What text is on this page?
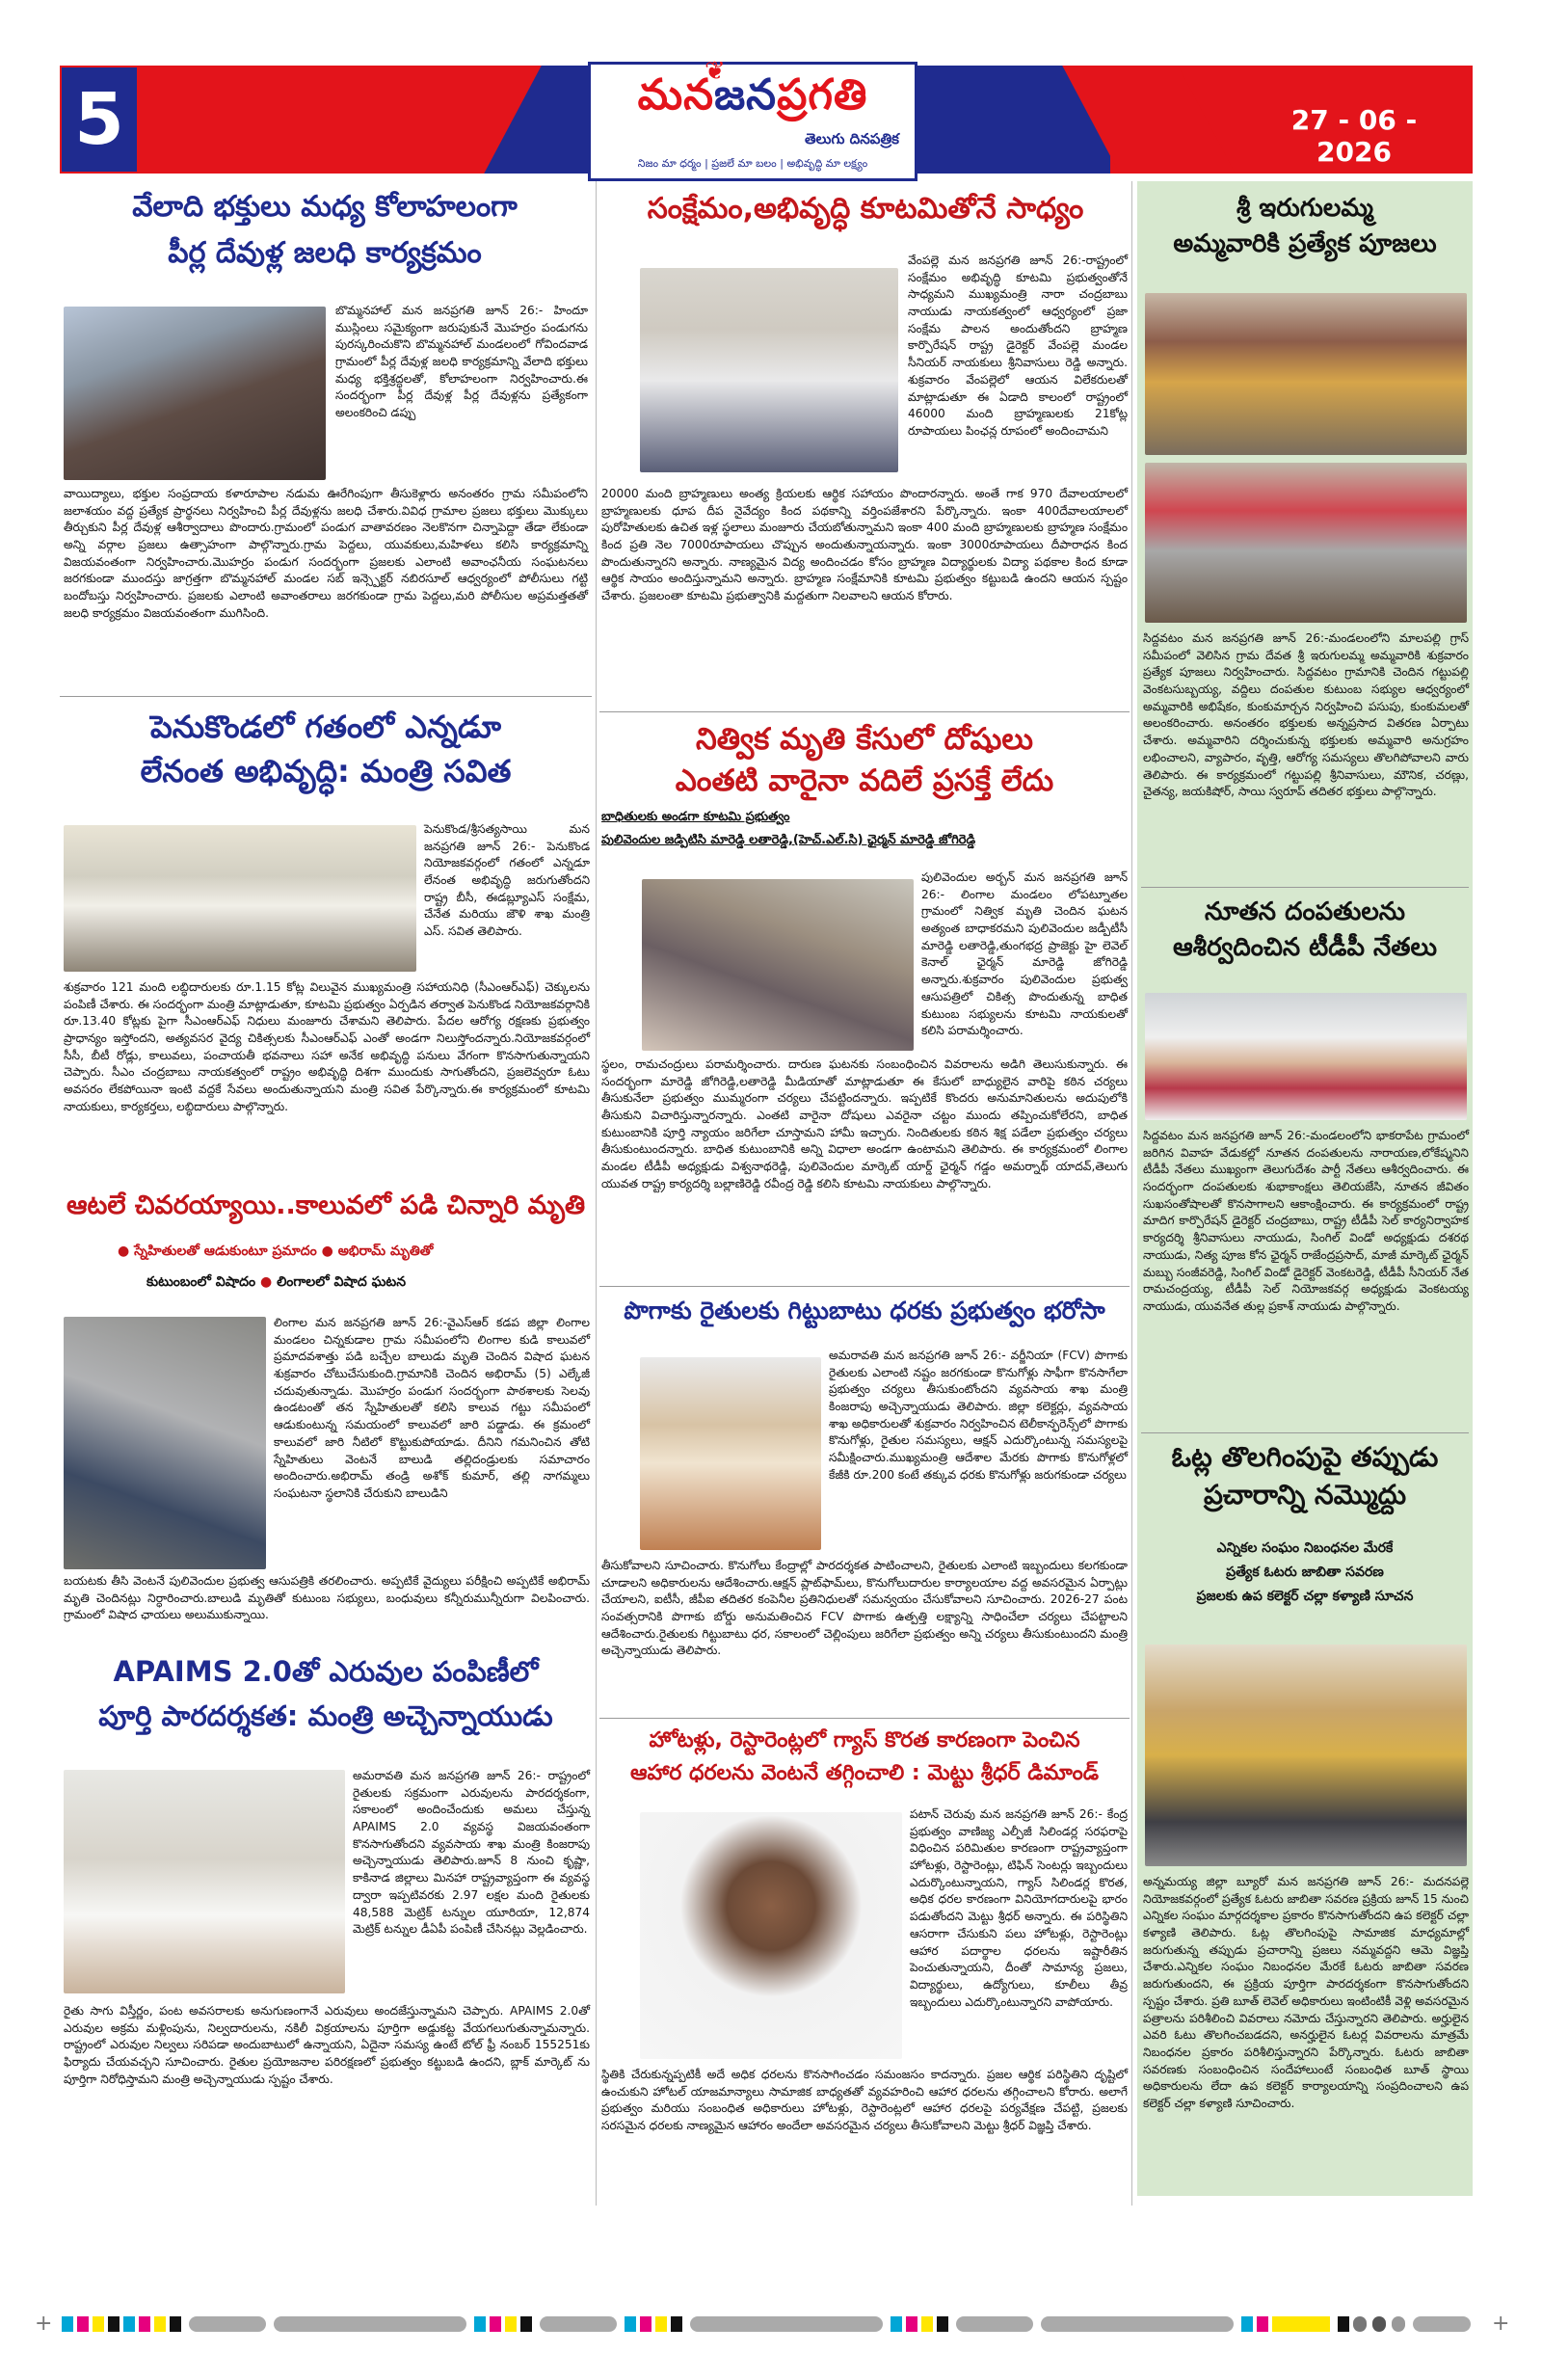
5
❦
మనజనప్రగతి
తెలుగు దినపత్రిక
నిజం మా ధర్మం | ప్రజలే మా బలం | అభివృద్ధి మా లక్ష్యం
27 - 06 - 2026
వేలాది భక్తులు మధ్య కోలాహలంగా
పీర్ల దేవుళ్ల జలధి కార్యక్రమం
బొమ్మనహాల్ మన జనప్రగతి జూన్ 26:- హిందూ ముస్లింలు సమైక్యంగా జరుపుకునే మొహర్రం పండుగను పురస్కరించుకొని బొమ్మనహాల్ మండలంలో గోవిందవాడ గ్రామంలో పీర్ల దేవుళ్ల జలధి కార్యక్రమాన్ని వేలాది భక్తులు మధ్య భక్తిశ్రద్ధలతో, కోలాహలంగా నిర్వహించారు.ఈ సందర్భంగా పీర్ల దేవుళ్ల పీర్ల దేవుళ్లను ప్రత్యేకంగా అలంకరించి డప్పు
వాయిద్యాలు, భక్తుల సంప్రదాయ కళారూపాల నడుమ ఊరేగింపుగా తీసుకెళ్లారు అనంతరం గ్రామ సమీపంలోని జలాశయం వద్ద ప్రత్యేక ప్రార్థనలు నిర్వహించి పీర్ల దేవుళ్లను జలధి చేశారు.వివిధ గ్రామాల ప్రజలు భక్తులు మొక్కులు తీర్చుకుని పీర్ల దేవుళ్ల ఆశీర్వాదాలు పొందారు.గ్రామంలో పండుగ వాతావరణం నెలకొనగా చిన్నాపెద్దా తేడా లేకుండా అన్ని వర్గాల ప్రజలు ఉత్సాహంగా పాల్గొన్నారు.గ్రామ పెద్దలు, యువకులు,మహిళలు కలిసి కార్యక్రమాన్ని విజయవంతంగా నిర్వహించారు.మొహర్రం పండుగ సందర్భంగా ప్రజలకు ఎలాంటి అవాంఛనీయ సంఘటనలు జరగకుండా ముందస్తు జాగ్రత్తగా బొమ్మనహాల్ మండల సబ్ ఇన్స్పెక్టర్ నబిరసూల్ ఆధ్వర్యంలో పోలీసులు గట్టి బందోబస్తు నిర్వహించారు. ప్రజలకు ఎలాంటి అవాంతరాలు జరగకుండా గ్రామ పెద్దలు,మరి పోలీసుల అప్రమత్తతతో జలధి కార్యక్రమం విజయవంతంగా ముగిసింది.
పెనుకొండలో గతంలో ఎన్నడూ
లేనంత అభివృద్ధి: మంత్రి సవిత
పెనుకొండ/శ్రీసత్యసాయి మన జనప్రగతి జూన్ 26:- పెనుకొండ నియోజకవర్గంలో గతంలో ఎన్నడూ లేనంత అభివృద్ధి జరుగుతోందని రాష్ట్ర బీసీ, ఈడబ్ల్యూఎస్ సంక్షేమ, చేనేత మరియు జౌళి శాఖ మంత్రి ఎస్. సవిత తెలిపారు.
శుక్రవారం 121 మంది లబ్ధిదారులకు రూ.1.15 కోట్ల విలువైన ముఖ్యమంత్రి సహాయనిధి (సీఎంఆర్ఎఫ్) చెక్కులను పంపిణీ చేశారు. ఈ సందర్భంగా మంత్రి మాట్లాడుతూ, కూటమి ప్రభుత్వం ఏర్పడిన తర్వాత పెనుకొండ నియోజకవర్గానికి రూ.13.40 కోట్లకు పైగా సీఎంఆర్ఎఫ్ నిధులు మంజూరు చేశామని తెలిపారు. పేదల ఆరోగ్య రక్షణకు ప్రభుత్వం ప్రాధాన్యం ఇస్తోందని, అత్యవసర వైద్య చికిత్సలకు సీఎంఆర్ఎఫ్ ఎంతో అండగా నిలుస్తోందన్నారు.నియోజకవర్గంలో సీసీ, బీటీ రోడ్లు, కాలువలు, పంచాయతీ భవనాలు సహా అనేక అభివృద్ధి పనులు వేగంగా కొనసాగుతున్నాయని చెప్పారు. సీఎం చంద్రబాబు నాయకత్వంలో రాష్ట్రం అభివృద్ధి దిశగా ముందుకు సాగుతోందని, ప్రజలెవ్వరూ ఓటు అవసరం లేకపోయినా ఇంటి వద్దకే సేవలు అందుతున్నాయని మంత్రి సవిత పేర్కొన్నారు.ఈ కార్యక్రమంలో కూటమి నాయకులు, కార్యకర్తలు, లబ్ధిదారులు పాల్గొన్నారు.
ఆటలే చివరయ్యాయి..కాలువలో పడి చిన్నారి మృతి
● స్నేహితులతో ఆడుకుంటూ ప్రమాదం ● అభిరామ్ మృతితో
కుటుంబంలో విషాదం ● లింగాలలో విషాద ఘటన
లింగాల మన జనప్రగతి జూన్ 26:-వైఎస్ఆర్ కడప జిల్లా లింగాల మండలం చిన్నకుడాల గ్రామ సమీపంలోని లింగాల కుడి కాలువలో ప్రమాదవశాత్తు పడి బచ్చేల బాలుడు మృతి చెందిన విషాద ఘటన శుక్రవారం చోటుచేసుకుంది.గ్రామానికి చెందిన అభిరామ్ (5) ఎల్కేజీ చదువుతున్నాడు. మొహర్రం పండుగ సందర్భంగా పాఠశాలకు సెలవు ఉండటంతో తన స్నేహితులతో కలిసి కాలువ గట్టు సమీపంలో ఆడుకుంటున్న సమయంలో కాలువలో జారి పడ్డాడు. ఈ క్రమంలో కాలువలో జారి నీటిలో కొట్టుకుపోయాడు. దీనిని గమనించిన తోటి స్నేహితులు వెంటనే బాలుడి తల్లిదండ్రులకు సమాచారం అందించారు.అభిరామ్ తండ్రి అశోక్ కుమార్, తల్లి నాగమ్మలు సంఘటనా స్థలానికి చేరుకుని బాలుడిని
బయటకు తీసి వెంటనే పులివెందుల ప్రభుత్వ ఆసుపత్రికి తరలించారు. అప్పటికే వైద్యులు పరీక్షించి అప్పటికే అభిరామ్ మృతి చెందినట్లు నిర్ధారించారు.బాలుడి మృతితో కుటుంబ సభ్యులు, బంధువులు కన్నీరుమున్నీరుగా విలపించారు. గ్రామంలో విషాద ఛాయలు అలుముకున్నాయి.
APAIMS 2.0తో ఎరువుల పంపిణీలో
పూర్తి పారదర్శకత: మంత్రి అచ్చెన్నాయుడు
అమరావతి మన జనప్రగతి జూన్ 26:- రాష్ట్రంలో రైతులకు సక్రమంగా ఎరువులను పారదర్శకంగా, సకాలంలో అందించేందుకు అమలు చేస్తున్న APAIMS 2.0 వ్యవస్థ విజయవంతంగా కొనసాగుతోందని వ్యవసాయ శాఖ మంత్రి కింజరాపు అచ్చెన్నాయుడు తెలిపారు.జూన్ 8 నుంచి కృష్ణా, కాకినాడ జిల్లాలు మినహా రాష్ట్రవ్యాప్తంగా ఈ వ్యవస్థ ద్వారా ఇప్పటివరకు 2.97 లక్షల మంది రైతులకు 48,588 మెట్రిక్ టన్నుల యూరియా, 12,874 మెట్రిక్ టన్నుల డీఏపీ పంపిణీ చేసినట్లు వెల్లడించారు.
రైతు సాగు విస్తీర్ణం, పంట అవసరాలకు అనుగుణంగానే ఎరువులు అందజేస్తున్నామని చెప్పారు. APAIMS 2.0తో ఎరువుల అక్రమ మళ్లింపును, నిల్వదారులను, నకిలీ విక్రయాలను పూర్తిగా అడ్డుకట్ట వేయగలుగుతున్నామన్నారు. రాష్ట్రంలో ఎరువుల నిల్వలు సరిపడా అందుబాటులో ఉన్నాయని, ఏదైనా సమస్య ఉంటే టోల్ ఫ్రీ నంబర్ 155251కు ఫిర్యాదు చేయవచ్చని సూచించారు. రైతుల ప్రయోజనాల పరిరక్షణలో ప్రభుత్వం కట్టుబడి ఉందని, బ్లాక్ మార్కెట్ ను పూర్తిగా నిరోధిస్తామని మంత్రి అచ్చెన్నాయుడు స్పష్టం చేశారు.
సంక్షేమం,అభివృద్ధి కూటమితోనే సాధ్యం
వేంపల్లె మన జనప్రగతి జూన్ 26:-రాష్ట్రంలో సంక్షేమం అభివృద్ధి కూటమి ప్రభుత్వంతోనే సాధ్యమని ముఖ్యమంత్రి నారా చంద్రబాబు నాయుడు నాయకత్వంలో ఆధ్వర్యంలో ప్రజా సంక్షేమ పాలన అందుతోందని బ్రాహ్మణ కార్పొరేషన్ రాష్ట్ర డైరెక్టర్ వేంపల్లె మండల సీనియర్ నాయకులు శ్రీనివాసులు రెడ్డి అన్నారు. శుక్రవారం వేంపల్లెలో ఆయన విలేకరులతో మాట్లాడుతూ ఈ ఏడాది కాలంలో రాష్ట్రంలో 46000 మంది బ్రాహ్మణులకు 21కోట్ల రూపాయలు పింఛన్ల రూపంలో అందించామని
20000 మంది బ్రాహ్మణులు అంత్య క్రియలకు ఆర్థిక సహాయం పొందారన్నారు. అంతే గాక 970 దేవాలయాలలో బ్రాహ్మణులకు ధూప దీప నైవేద్యం కింద పథకాన్ని వర్తింపజేశారని పేర్కొన్నారు. ఇంకా 400దేవాలయాలలో పురోహితులకు ఉచిత ఇళ్ల స్థలాలు మంజూరు చేయబోతున్నామని ఇంకా 400 మంది బ్రాహ్మణులకు బ్రాహ్మణ సంక్షేమం కింద ప్రతి నెల 7000రూపాయలు చొప్పున అందుతున్నాయన్నారు. ఇంకా 3000రూపాయలు దీపారాధన కింద పొందుతున్నారని అన్నారు. నాణ్యమైన విద్య అందించడం కోసం బ్రాహ్మణ విద్యార్థులకు విద్యా పథకాల కింద కూడా ఆర్థిక సాయం అందిస్తున్నామని అన్నారు. బ్రాహ్మణ సంక్షేమానికి కూటమి ప్రభుత్వం కట్టుబడి ఉందని ఆయన స్పష్టం చేశారు. ప్రజలంతా కూటమి ప్రభుత్వానికి మద్దతుగా నిలవాలని ఆయన కోరారు.
నిత్విక మృతి కేసులో దోషులు
ఎంతటి వారైనా వదిలే ప్రసక్తే లేదు
బాధితులకు అండగా కూటమి ప్రభుత్వం
పులివెందుల జడ్పిటిసి మారెడ్డి లతారెడ్డి,(హెచ్.ఎల్.సి) ఛైర్మన్ మారెడ్డి జోగిరెడ్డి
పులివెందుల అర్బన్ మన జనప్రగతి జూన్ 26:- లింగాల మండలం లోపట్నూతల గ్రామంలో నిత్విక మృతి చెందిన ఘటన అత్యంత బాధాకరమని పులివెందుల జడ్పీటీసీ మారెడ్డి లతారెడ్డి,తుంగభద్ర ప్రాజెక్టు హై లెవెల్ కెనాల్ ఛైర్మన్ మారెడ్డి జోగిరెడ్డి అన్నారు.శుక్రవారం పులివెందుల ప్రభుత్వ ఆసుపత్రిలో చికిత్స పొందుతున్న బాధిత కుటుంబ సభ్యులను కూటమి నాయకులతో కలిసి పరామర్శించారు.
స్థలం, రామచంద్రులు పరామర్శించారు. దారుణ ఘటనకు సంబంధించిన వివరాలను అడిగి తెలుసుకున్నారు. ఈ సందర్భంగా మారెడ్డి జోగిరెడ్డి,లతారెడ్డి మీడియాతో మాట్లాడుతూ ఈ కేసులో బాధ్యులైన వారిపై కఠిన చర్యలు తీసుకునేలా ప్రభుత్వం ముమ్మరంగా చర్యలు చేపట్టిందన్నారు. ఇప్పటికే కొందరు అనుమానితులను అదుపులోకి తీసుకుని విచారిస్తున్నారన్నారు. ఎంతటి వారైనా దోషులు ఎవరైనా చట్టం ముందు తప్పించుకోలేరని, బాధిత కుటుంబానికి పూర్తి న్యాయం జరిగేలా చూస్తామని హామీ ఇచ్చారు. నిందితులకు కఠిన శిక్ష పడేలా ప్రభుత్వం చర్యలు తీసుకుంటుందన్నారు. బాధిత కుటుంబానికి అన్ని విధాలా అండగా ఉంటామని తెలిపారు. ఈ కార్యక్రమంలో లింగాల మండల టీడీపీ అధ్యక్షుడు విశ్వనాథరెడ్డి, పులివెందుల మార్కెట్ యార్డ్ ఛైర్మన్ గడ్డం అమర్నాథ్ యాదవ్,తెలుగు యువత రాష్ట్ర కార్యదర్శి బల్లాణిరెడ్డి రవీంద్ర రెడ్డి కలిసి కూటమి నాయకులు పాల్గొన్నారు.
పొగాకు రైతులకు గిట్టుబాటు ధరకు ప్రభుత్వం భరోసా
అమరావతి మన జనప్రగతి జూన్ 26:- వర్జీనియా (FCV) పొగాకు రైతులకు ఎలాంటి నష్టం జరగకుండా కొనుగోళ్లు సాఫీగా కొనసాగేలా ప్రభుత్వం చర్యలు తీసుకుంటోందని వ్యవసాయ శాఖ మంత్రి కింజరాపు అచ్చెన్నాయుడు తెలిపారు. జిల్లా కలెక్టర్లు, వ్యవసాయ శాఖ అధికారులతో శుక్రవారం నిర్వహించిన టెలీకాన్ఫరెన్స్‌లో పొగాకు కొనుగోళ్లు, రైతుల సమస్యలు, ఆక్షన్ ఎదుర్కొంటున్న సమస్యలపై సమీక్షించారు.ముఖ్యమంత్రి ఆదేశాల మేరకు పొగాకు కొనుగోళ్లలో కేజీకి రూ.200 కంటే తక్కువ ధరకు కొనుగోళ్లు జరుగకుండా చర్యలు
తీసుకోవాలని సూచించారు. కొనుగోలు కేంద్రాల్లో పారదర్శకత పాటించాలని, రైతులకు ఎలాంటి ఇబ్బందులు కలగకుండా చూడాలని అధికారులను ఆదేశించారు.ఆక్షన్ ప్లాట్‌ఫామ్‌లు, కొనుగోలుదారుల కార్యాలయాల వద్ద అవసరమైన ఏర్పాట్లు చేయాలని, ఐటీసీ, జీపీఐ తదితర కంపెనీల ప్రతినిధులతో సమన్వయం చేసుకోవాలని సూచించారు. 2026-27 పంట సంవత్సరానికి పొగాకు బోర్డు అనుమతించిన FCV పొగాకు ఉత్పత్తి లక్ష్యాన్ని సాధించేలా చర్యలు చేపట్టాలని ఆదేశించారు.రైతులకు గిట్టుబాటు ధర, సకాలంలో చెల్లింపులు జరిగేలా ప్రభుత్వం అన్ని చర్యలు తీసుకుంటుందని మంత్రి అచ్చెన్నాయుడు తెలిపారు.
హోటళ్లు, రెస్టారెంట్లలో గ్యాస్ కొరత కారణంగా పెంచిన
ఆహార ధరలను వెంటనే తగ్గించాలి : మెట్టు శ్రీధర్ డిమాండ్
పటాన్ చెరువు మన జనప్రగతి జూన్ 26:- కేంద్ర ప్రభుత్వం వాణిజ్య ఎల్పీజీ సిలిండర్ల సరఫరాపై విధించిన పరిమితుల కారణంగా రాష్ట్రవ్యాప్తంగా హోటళ్లు, రెస్టారెంట్లు, టిఫిన్ సెంటర్లు ఇబ్బందులు ఎదుర్కొంటున్నాయని, గ్యాస్ సిలిండర్ల కొరత, అధిక ధరల కారణంగా వినియోగదారులపై భారం పడుతోందని మెట్టు శ్రీధర్ అన్నారు. ఈ పరిస్థితిని ఆసరాగా చేసుకుని పలు హోటళ్లు, రెస్టారెంట్లు ఆహార పదార్థాల ధరలను ఇష్టారీతిన పెంచుతున్నాయని, దీంతో సామాన్య ప్రజలు, విద్యార్థులు, ఉద్యోగులు, కూలీలు తీవ్ర ఇబ్బందులు ఎదుర్కొంటున్నారని వాపోయారు.
స్థితికి చేరుకున్నప్పటికీ అదే అధిక ధరలను కొనసాగించడం సమంజసం కాదన్నారు. ప్రజల ఆర్థిక పరిస్థితిని దృష్టిలో ఉంచుకుని హోటల్ యాజమాన్యాలు సామాజిక బాధ్యతతో వ్యవహరించి ఆహార ధరలను తగ్గించాలని కోరారు. అలాగే ప్రభుత్వం మరియు సంబంధిత అధికారులు హోటళ్లు, రెస్టారెంట్లలో ఆహార ధరలపై పర్యవేక్షణ చేపట్టి, ప్రజలకు సరసమైన ధరలకు నాణ్యమైన ఆహారం అందేలా అవసరమైన చర్యలు తీసుకోవాలని మెట్టు శ్రీధర్ విజ్ఞప్తి చేశారు.
శ్రీ ఇరుగులమ్మ
అమ్మవారికి ప్రత్యేక పూజలు
సిద్దవటం మన జనప్రగతి జూన్ 26:-మండలంలోని మాలపల్లి గ్రాస్ సమీపంలో వెలిసిన గ్రామ దేవత శ్రీ ఇరుగులమ్మ అమ్మవారికి శుక్రవారం ప్రత్యేక పూజలు నిర్వహించారు. సిద్దవటం గ్రామానికి చెందిన గట్టుపల్లి వెంకటసుబ్బయ్య, వద్దిలు దంపతుల కుటుంబ సభ్యుల ఆధ్వర్యంలో అమ్మవారికి అభిషేకం, కుంకుమార్చన నిర్వహించి పసుపు, కుంకుమలతో అలంకరించారు. అనంతరం భక్తులకు అన్నప్రసాద వితరణ ఏర్పాటు చేశారు. అమ్మవారిని దర్శించుకున్న భక్తులకు అమ్మవారి అనుగ్రహం లభించాలని, వ్యాపారం, వృత్తి, ఆరోగ్య సమస్యలు తొలగిపోవాలని వారు తెలిపారు. ఈ కార్యక్రమంలో గట్టుపల్లి శ్రీనివాసులు, మౌనిక, చరణ్లు, చైతన్య, జయకిషోర్, సాయి స్వరూప్ తదితర భక్తులు పాల్గొన్నారు.
నూతన దంపతులను
ఆశీర్వదించిన టీడీపీ నేతలు
సిద్దవటం మన జనప్రగతి జూన్ 26:-మండలంలోని భాకరాపేట గ్రామంలో జరిగిన వివాహ వేడుకల్లో నూతన దంపతులను నారాయణ,లోకేష్మనిని టీడీపీ నేతలు ముఖ్యంగా తెలుగుదేశం పార్టీ నేతలు ఆశీర్వదించారు. ఈ సందర్భంగా దంపతులకు శుభాకాంక్షలు తెలియజేసి, నూతన జీవితం సుఖసంతోషాలతో కొనసాగాలని ఆకాంక్షించారు. ఈ కార్యక్రమంలో రాష్ట్ర మాదిగ కార్పొరేషన్ డైరెక్టర్ చంద్రబాబు, రాష్ట్ర టీడీపీ సెల్ కార్యనిర్వాహక కార్యదర్శి శ్రీనివాసులు నాయుడు, సింగిల్ విండో అధ్యక్షుడు దశరథ నాయుడు, నిత్య పూజ కోన ఛైర్మన్ రాజేంద్రప్రసాద్, మాజీ మార్కెట్ ఛైర్మన్ మబ్బు సంజీవరెడ్డి, సింగిల్ విండో డైరెక్టర్ వెంకటరెడ్డి, టీడీపీ సీనియర్ నేత రామచంద్రయ్య, టీడీపీ సెల్ నియోజకవర్గ అధ్యక్షుడు వెంకటయ్య నాయుడు, యువనేత తుల్ల ప్రకాశ్ నాయుడు పాల్గొన్నారు.
ఓట్ల తొలగింపుపై తప్పుడు
ప్రచారాన్ని నమ్మొద్దు
ఎన్నికల సంఘం నిబంధనల మేరకే
ప్రత్యేక ఓటరు జాబితా సవరణ
ప్రజలకు ఉప కలెక్టర్ చల్లా కళ్యాణి సూచన
అన్నమయ్య జిల్లా బ్యూరో మన జనప్రగతి జూన్ 26:- మదనపల్లె నియోజకవర్గంలో ప్రత్యేక ఓటరు జాబితా సవరణ ప్రక్రియ జూన్ 15 నుంచి ఎన్నికల సంఘం మార్గదర్శకాల ప్రకారం కొనసాగుతోందని ఉప కలెక్టర్ చల్లా కళ్యాణి తెలిపారు. ఓట్ల తొలగింపుపై సామాజిక మాధ్యమాల్లో జరుగుతున్న తప్పుడు ప్రచారాన్ని ప్రజలు నమ్మవద్దని ఆమె విజ్ఞప్తి చేశారు.ఎన్నికల సంఘం నిబంధనల మేరకే ఓటరు జాబితా సవరణ జరుగుతుందని, ఈ ప్రక్రియ పూర్తిగా పారదర్శకంగా కొనసాగుతోందని స్పష్టం చేశారు. ప్రతి బూత్ లెవెల్ అధికారులు ఇంటింటికీ వెళ్లి అవసరమైన పత్రాలను పరిశీలించి వివరాలు నమోదు చేస్తున్నారని తెలిపారు. అర్హులైన ఎవరి ఓటు తొలగించబడదని, అనర్హులైన ఓటర్ల వివరాలను మాత్రమే నిబంధనల ప్రకారం పరిశీలిస్తున్నారని పేర్కొన్నారు. ఓటరు జాబితా సవరణకు సంబంధించిన సందేహాలుంటే సంబంధిత బూత్ స్థాయి అధికారులను లేదా ఉప కలెక్టర్ కార్యాలయాన్ని సంప్రదించాలని ఉప కలెక్టర్ చల్లా కళ్యాణి సూచించారు.
+	+
